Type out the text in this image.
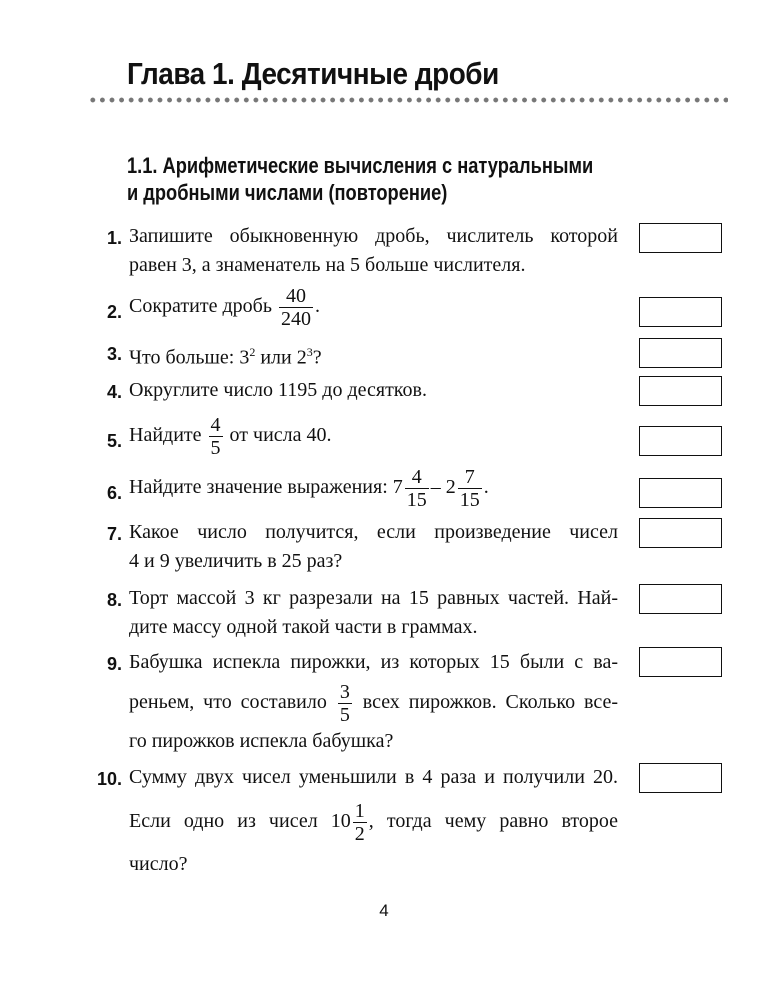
Глава 1. Десятичные дроби
1.1. Арифметические вычисления с натуральными
и дробными числами (повторение)
1. Запишите обыкновенную дробь, числитель которой
равен 3, а знаменатель на 5 больше числителя.
2. Сократите дробь $\frac{40}{240}$ .
3. Что больше: $3^2$ или $2^3$?
4. Округлите число 1195 до десятков.
5. Найдите $\frac{4}{5}$ от числа 40.
6. Найдите значение выражения: $7 \frac{4}{15} - 2 \frac{7}{15}$ .
7. Какое число получится, если произведение чисел
4 и 9 увеличить в 25 раз?
8. Торт массой 3 кг разрезали на 15 равных частей. Най-
дите массу одной такой части в граммах.
9. Бабушка испекла пирожки, из которых 15 были с ва-
реньем, что составило $\frac{3}{5}$ всех пирожков. Сколько все-
го пирожков испекла бабушка?
10. Сумму двух чисел уменьшили в 4 раза и получили 20.
Если одно из чисел $10 \frac{1}{2}$ , тогда чему равно второе
число?
4
